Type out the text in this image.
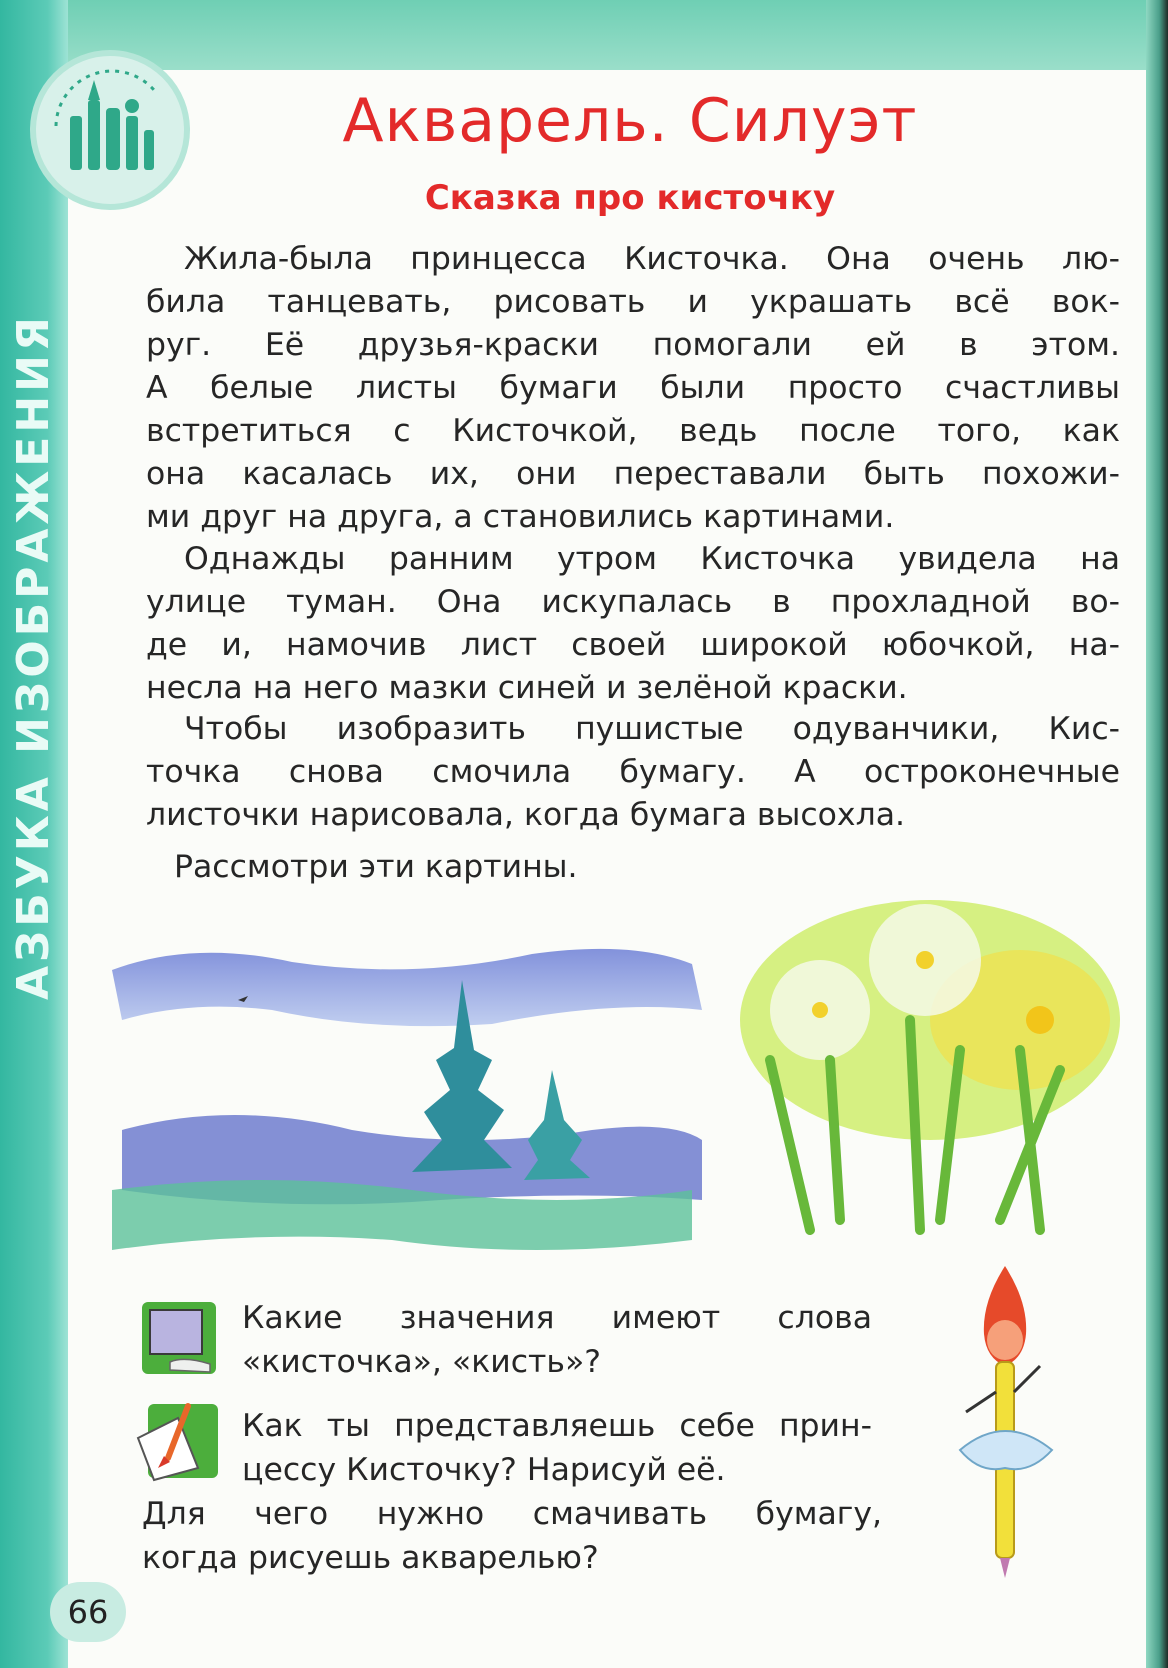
АЗБУКА ИЗОБРАЖЕНИЯ
Акварель. Силуэт
Сказка про кисточку
Жила-была принцесса Кисточка. Она очень лю-
била танцевать, рисовать и украшать всё вок-
руг. Её друзья-краски помогали ей в этом.
А белые листы бумаги были просто счастливы
встретиться с Кисточкой, ведь после того, как
она касалась их, они переставали быть похожи-
ми друг на друга, а становились картинами.
Однажды ранним утром Кисточка увидела на
улице туман. Она искупалась в прохладной во-
де и, намочив лист своей широкой юбочкой, на-
несла на него мазки синей и зелёной краски.
Чтобы изобразить пушистые одуванчики, Кис-
точка снова смочила бумагу. А остроконечные
листочки нарисовала, когда бумага высохла.
Рассмотри эти картины.
Какие значения имеют слова
«кисточка», «кисть»?
Как ты представляешь себе прин-
цессу Кисточку? Нарисуй её.
Для чего нужно смачивать бумагу,
когда рисуешь акварелью?
66
